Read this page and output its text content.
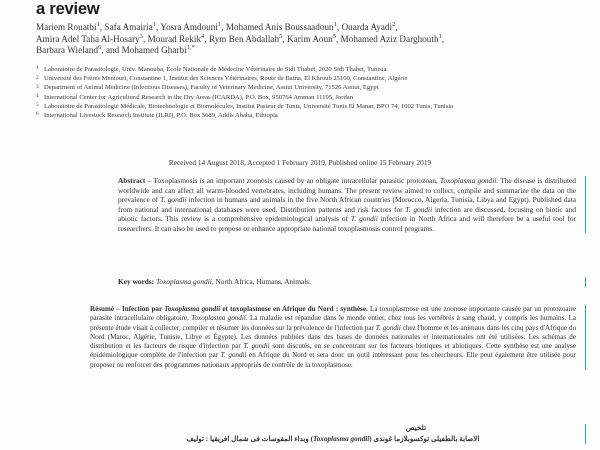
a review
Mariem Rouatbi$^1$, Safa Amairia$^1$, Yosra Amdouni$^1$, Mohamed Anis Boussaadoun$^1$, Ouarda Ayadi$^2$,
Amira Adel Taha Al-Hosary$^3$, Mourad Rekik$^4$, Rym Ben Abdallah$^5$, Karim Aoun$^5$, Mohamed Aziz Darghouth$^1$,
Barbara Wieland$^6$, and Mohamed Gharbi$^{1,*}$
1 Laboratoire de Parasitologie, Univ. Manouba, École Nationale de Médecine Vétérinaire de Sidi Thabet, 2020 Sidi Thabet, Tunisia
2 Université des Frères Mentouri, Constantine 1, Institut des Sciences Vétérinaires, Route de Batna, El Khroub 25100, Constantine, Algérie
3 Department of Animal Medicine (Infectious Diseases), Faculty of Veterinary Medicine, Assiut University, 71526 Assiut, Egypt
4 International Center for Agricultural Research in the Dry Areas (ICARDA), P.O. Box, 950764 Amman 11195, Jordan
5 Laboratoire de Parasitologie Médicale, Biotechnologie et Biomolécules, Institut Pasteur de Tunis, Université Tunis El Manar, BPO 74, 1002 Tunis, Tunisia
6 International Livestock Research Institute (ILRI), P.O. Box 5689, Addis Ababa, Ethiopia
Received 14 August 2018, Accepted 1 February 2019, Published online 15 February 2019
Abstract – Toxoplasmosis is an important zoonosis caused by an obligate intracellular parasitic protozoan, Toxoplasma gondii. The disease is distributed worldwide and can affect all warm-blooded vertebrates, including humans. The present review aimed to collect, compile and summarize the data on the prevalence of T. gondii infection in humans and animals in the five North African countries (Morocco, Algeria, Tunisia, Libya and Egypt). Published data from national and international databases were used. Distribution patterns and risk factors for T. gondii infection are discussed, focusing on biotic and abiotic factors. This review is a comprehensive epidemiological analysis of T. gondii infection in North Africa and will therefore be a useful tool for researchers. It can also be used to propose or enhance appropriate national toxoplasmosis control programs.
Key words: Toxoplasma gondii, North Africa, Humans, Animals.
Résumé – Infection par Toxoplasma gondii et toxoplasmose en Afrique du Nord : synthèse. La toxoplasmose est une zoonose importante causée par un protozoaire parasite intracellulaire obligatoire, Toxoplasma gondii. La maladie est répandue dans le monde entier, chez tous les vertébrés à sang chaud, y compris les humains. La présente étude visait à collecter, compiler et résumer les données sur la prévalence de l'infection par T. gondii chez l'homme et les animaux dans les cinq pays d'Afrique du Nord (Maroc, Algérie, Tunisie, Libye et Égypte). Les données publiées dans des bases de données nationales et internationales ont été utilisées. Les schémas de distribution et les facteurs de risque d'infection par T. gondii sont discutés, en se concentrant sur les facteurs biotiques et abiotiques. Cette synthèse est une analyse épidémiologique complète de l'infection par T. gondii en Afrique du Nord et sera donc un outil intéressant pour les chercheurs. Elle peut également être utilisée pour proposer ou renforcer des programmes nationaux appropriés de contrôle de la toxoplasmose.
تلخيص
الاصابة بالطفيلى توكسوبلازما غوندى (Toxoplasma gondii) وبداء المقوسات فى شمال افريقيا : توليف
